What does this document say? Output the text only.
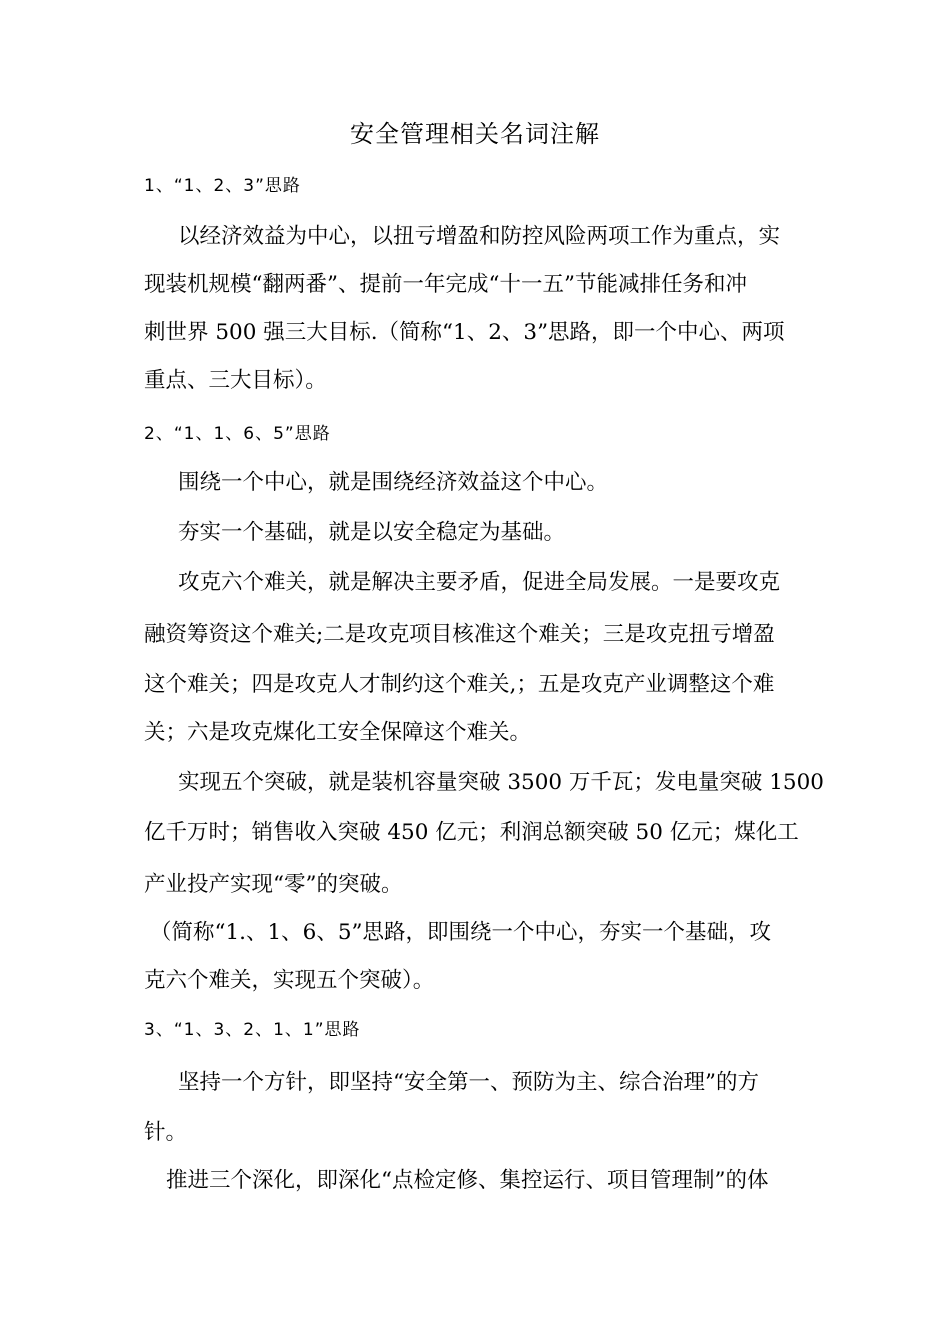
安全管理相关名词注解
1、“1、2、3”思路
以经济效益为中心，以扭亏增盈和防控风险两项工作为重点，实
现装机规模“翻两番”、提前一年完成“十一五”节能减排任务和冲
刺世界 500 强三大目标.（简称“1、2、3”思路，即一个中心、两项
重点、三大目标）。
2、“1、1、6、5”思路
围绕一个中心，就是围绕经济效益这个中心。
夯实一个基础，就是以安全稳定为基础。
攻克六个难关，就是解决主要矛盾，促进全局发展。一是要攻克
融资筹资这个难关;二是攻克项目核准这个难关；三是攻克扭亏增盈
这个难关；四是攻克人才制约这个难关,；五是攻克产业调整这个难
关；六是攻克煤化工安全保障这个难关。
实现五个突破，就是装机容量突破 3500 万千瓦；发电量突破 1500
亿千万时；销售收入突破 450 亿元；利润总额突破 50 亿元；煤化工
产业投产实现“零”的突破。
（简称“1.、1、6、5”思路，即围绕一个中心，夯实一个基础，攻
克六个难关，实现五个突破）。
3、“1、3、2、1、1”思路
坚持一个方针，即坚持“安全第一、预防为主、综合治理”的方
针。
推进三个深化，即深化“点检定修、集控运行、项目管理制”的体
